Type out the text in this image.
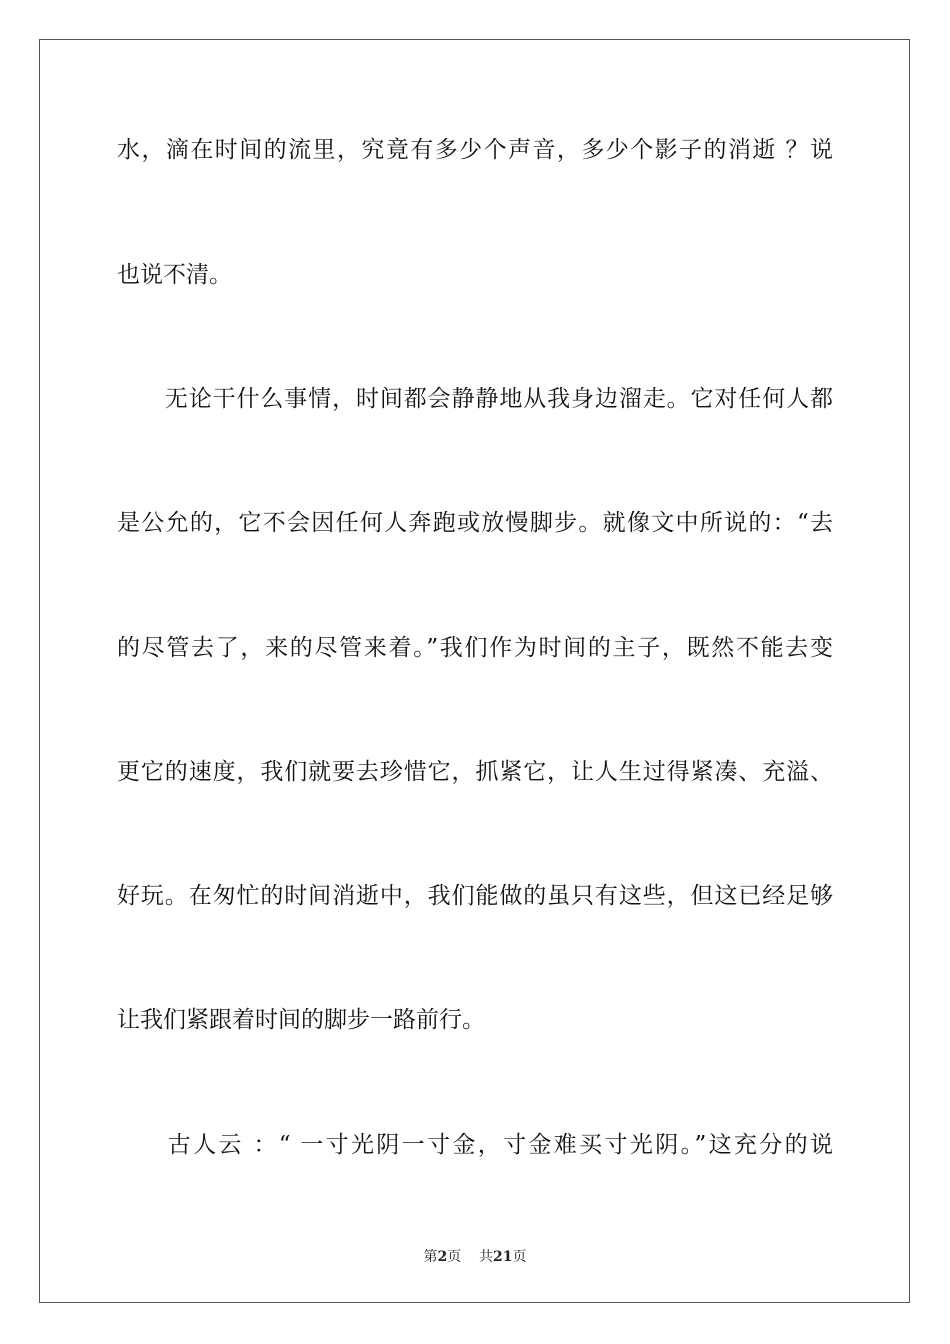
水，滴在时间的流里，究竟有多少个声音，多少个影子的消逝 ？说
也说不清。
　　无论干什么事情，时间都会静静地从我身边溜走。它对任何人都
是公允的，它不会因任何人奔跑或放慢脚步。就像文中所说的：“去
的尽管去了，来的尽管来着。”我们作为时间的主子，既然不能去变
更它的速度，我们就要去珍惜它，抓紧它，让人生过得紧凑、充溢、
好玩。在匆忙的时间消逝中，我们能做的虽只有这些，但这已经足够
让我们紧跟着时间的脚步一路前行。
　　古人云 ：“ 一寸光阴一寸金，寸金难买寸光阴。”这充分的说
第2页 共21页
